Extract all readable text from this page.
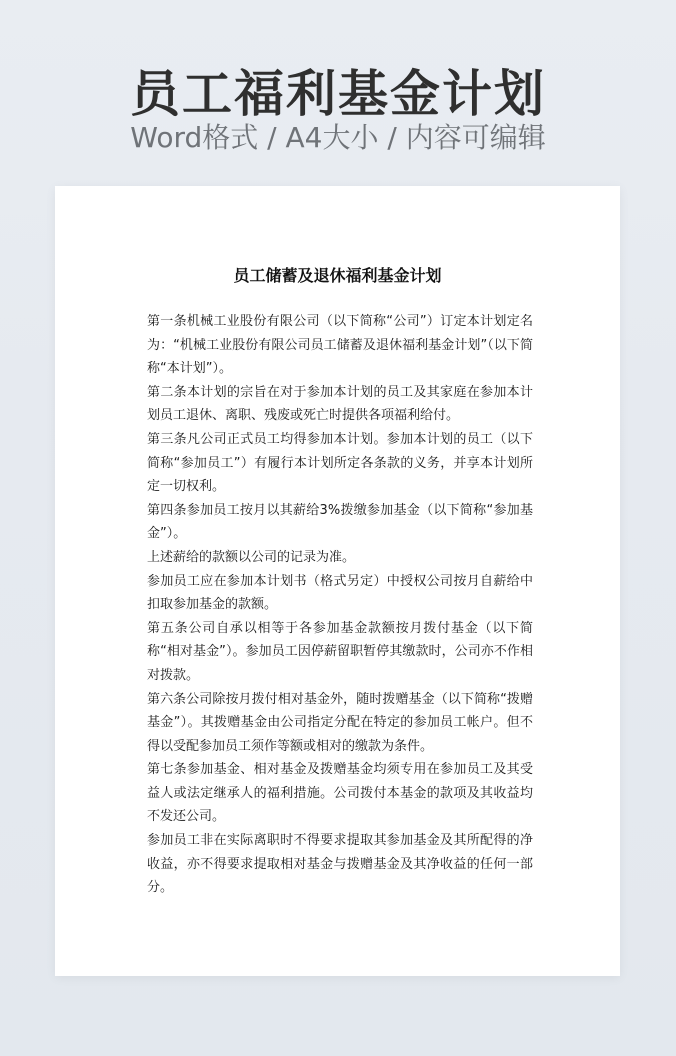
员工福利基金计划
Word格式 / A4大小 / 内容可编辑
员工储蓄及退休福利基金计划

第一条机械工业股份有限公司（以下简称“公司”）订定本计划定名为：“机械工业股份有限公司员工储蓄及退休福利基金计划”（以下简称“本计划”）。

第二条本计划的宗旨在对于参加本计划的员工及其家庭在参加本计划员工退休、离职、残废或死亡时提供各项福利给付。

第三条凡公司正式员工均得参加本计划。参加本计划的员工（以下简称“参加员工”）有履行本计划所定各条款的义务，并享本计划所定一切权利。

第四条参加员工按月以其薪给3%拨缴参加基金（以下简称“参加基金”）。

上述薪给的款额以公司的记录为准。

参加员工应在参加本计划书（格式另定）中授权公司按月自薪给中扣取参加基金的款额。

第五条公司自承以相等于各参加基金款额按月拨付基金（以下简称“相对基金”）。参加员工因停薪留职暂停其缴款时，公司亦不作相对拨款。

第六条公司除按月拨付相对基金外，随时拨赠基金（以下简称“拨赠基金”）。其拨赠基金由公司指定分配在特定的参加员工帐户。但不得以受配参加员工须作等额或相对的缴款为条件。

第七条参加基金、相对基金及拨赠基金均须专用在参加员工及其受益人或法定继承人的福利措施。公司拨付本基金的款项及其收益均不发还公司。

参加员工非在实际离职时不得要求提取其参加基金及其所配得的净收益，亦不得要求提取相对基金与拨赠基金及其净收益的任何一部分。
